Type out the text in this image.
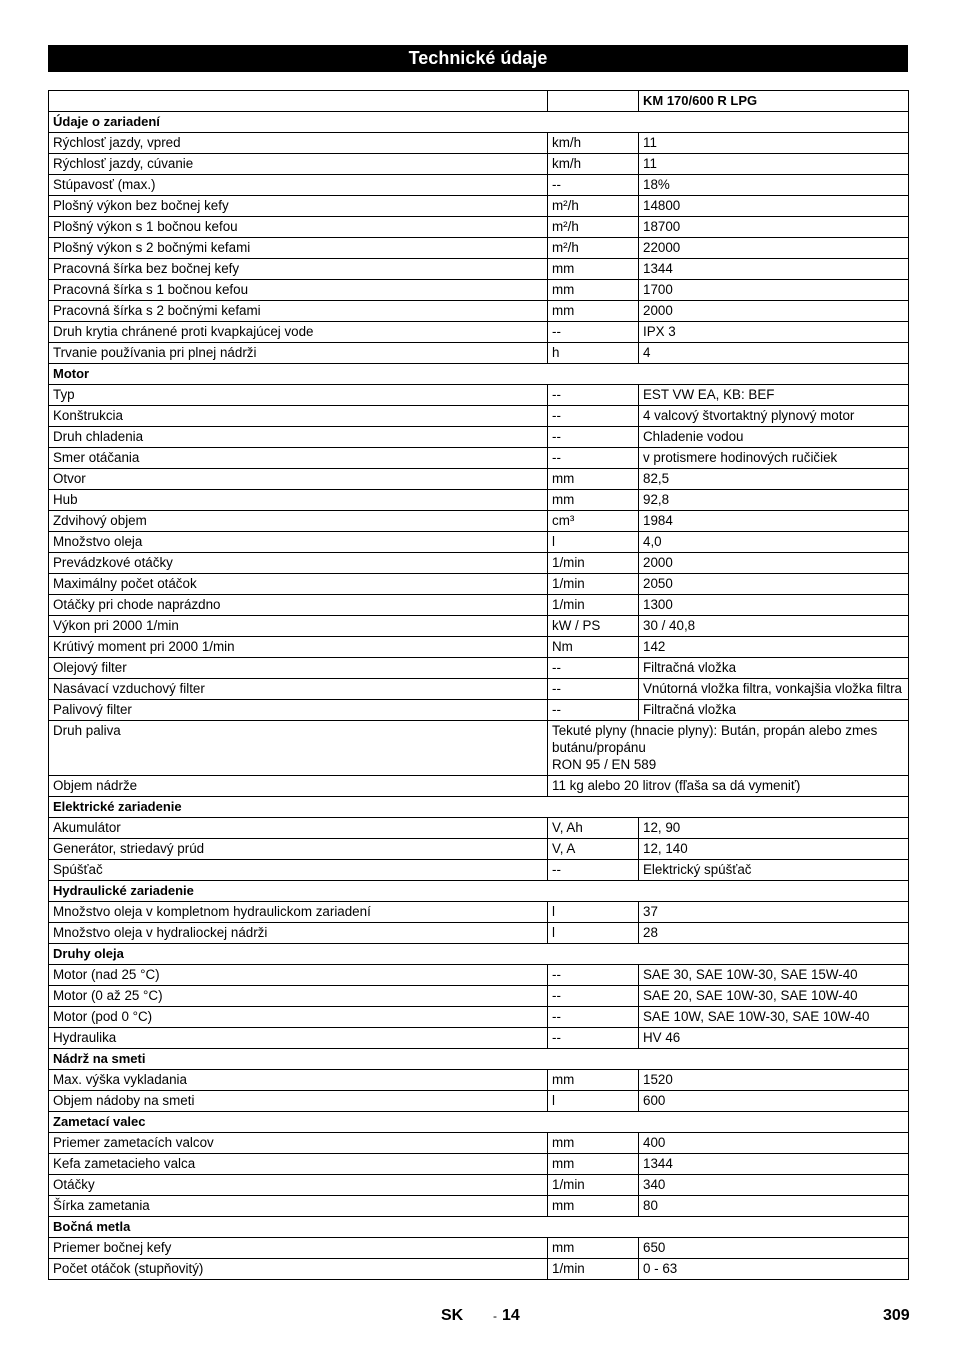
Technické údaje
		KM 170/600 R LPG
Údaje o zariadení		
Rýchlosť jazdy, vpred	km/h	11
Rýchlosť jazdy, cúvanie	km/h	11
Stúpavosť (max.)	--	18%
Plošný výkon bez bočnej kefy	m²/h	14800
Plošný výkon s 1 bočnou kefou	m²/h	18700
Plošný výkon s 2 bočnými kefami	m²/h	22000
Pracovná šírka bez bočnej kefy	mm	1344
Pracovná šírka s 1 bočnou kefou	mm	1700
Pracovná šírka s 2 bočnými kefami	mm	2000
Druh krytia chránené proti kvapkajúcej vode	--	IPX 3
Trvanie používania pri plnej nádrži	h	4
Motor		
Typ	--	EST VW EA, KB: BEF
Konštrukcia	--	4 valcový štvortaktný plynový motor
Druh chladenia	--	Chladenie vodou
Smer otáčania	--	v protismere hodinových ručičiek
Otvor	mm	82,5
Hub	mm	92,8
Zdvihový objem	cm³	1984
Množstvo oleja	l	4,0
Prevádzkové otáčky	1/min	2000
Maximálny počet otáčok	1/min	2050
Otáčky pri chode naprázdno	1/min	1300
Výkon pri 2000 1/min	kW / PS	30 / 40,8
Krútivý moment pri 2000 1/min	Nm	142
Olejový filter	--	Filtračná vložka
Nasávací vzduchový filter	--	Vnútorná vložka filtra, vonkajšia vložka filtra
Palivový filter	--	Filtračná vložka
Druh paliva	Tekuté plyny (hnacie plyny): Bután, propán alebo zmes butánu/propánu
RON 95 / EN 589	
Objem nádrže	11 kg alebo 20 litrov (fľaša sa dá vymeniť)	
Elektrické zariadenie		
Akumulátor	V, Ah	12, 90
Generátor, striedavý prúd	V, A	12, 140
Spúšťač	--	Elektrický spúšťač
Hydraulické zariadenie		
Množstvo oleja v kompletnom hydraulickom zariadení	l	37
Množstvo oleja v hydraliockej nádrži	l	28
Druhy oleja		
Motor (nad 25 °C)	--	SAE 30, SAE 10W-30, SAE 15W-40
Motor (0 až 25 °C)	--	SAE 20, SAE 10W-30, SAE 10W-40
Motor (pod 0 °C)	--	SAE 10W, SAE 10W-30, SAE 10W-40
Hydraulika	--	HV 46
Nádrž na smeti		
Max. výška vykladania	mm	1520
Objem nádoby na smeti	l	600
Zametací valec		
Priemer zametacích valcov	mm	400
Kefa zametacieho valca	mm	1344
Otáčky	1/min	340
Šírka zametania	mm	80
Bočná metla		
Priemer bočnej kefy	mm	650
Počet otáčok (stupňovitý)	1/min	0 - 63
SK - 14	309
